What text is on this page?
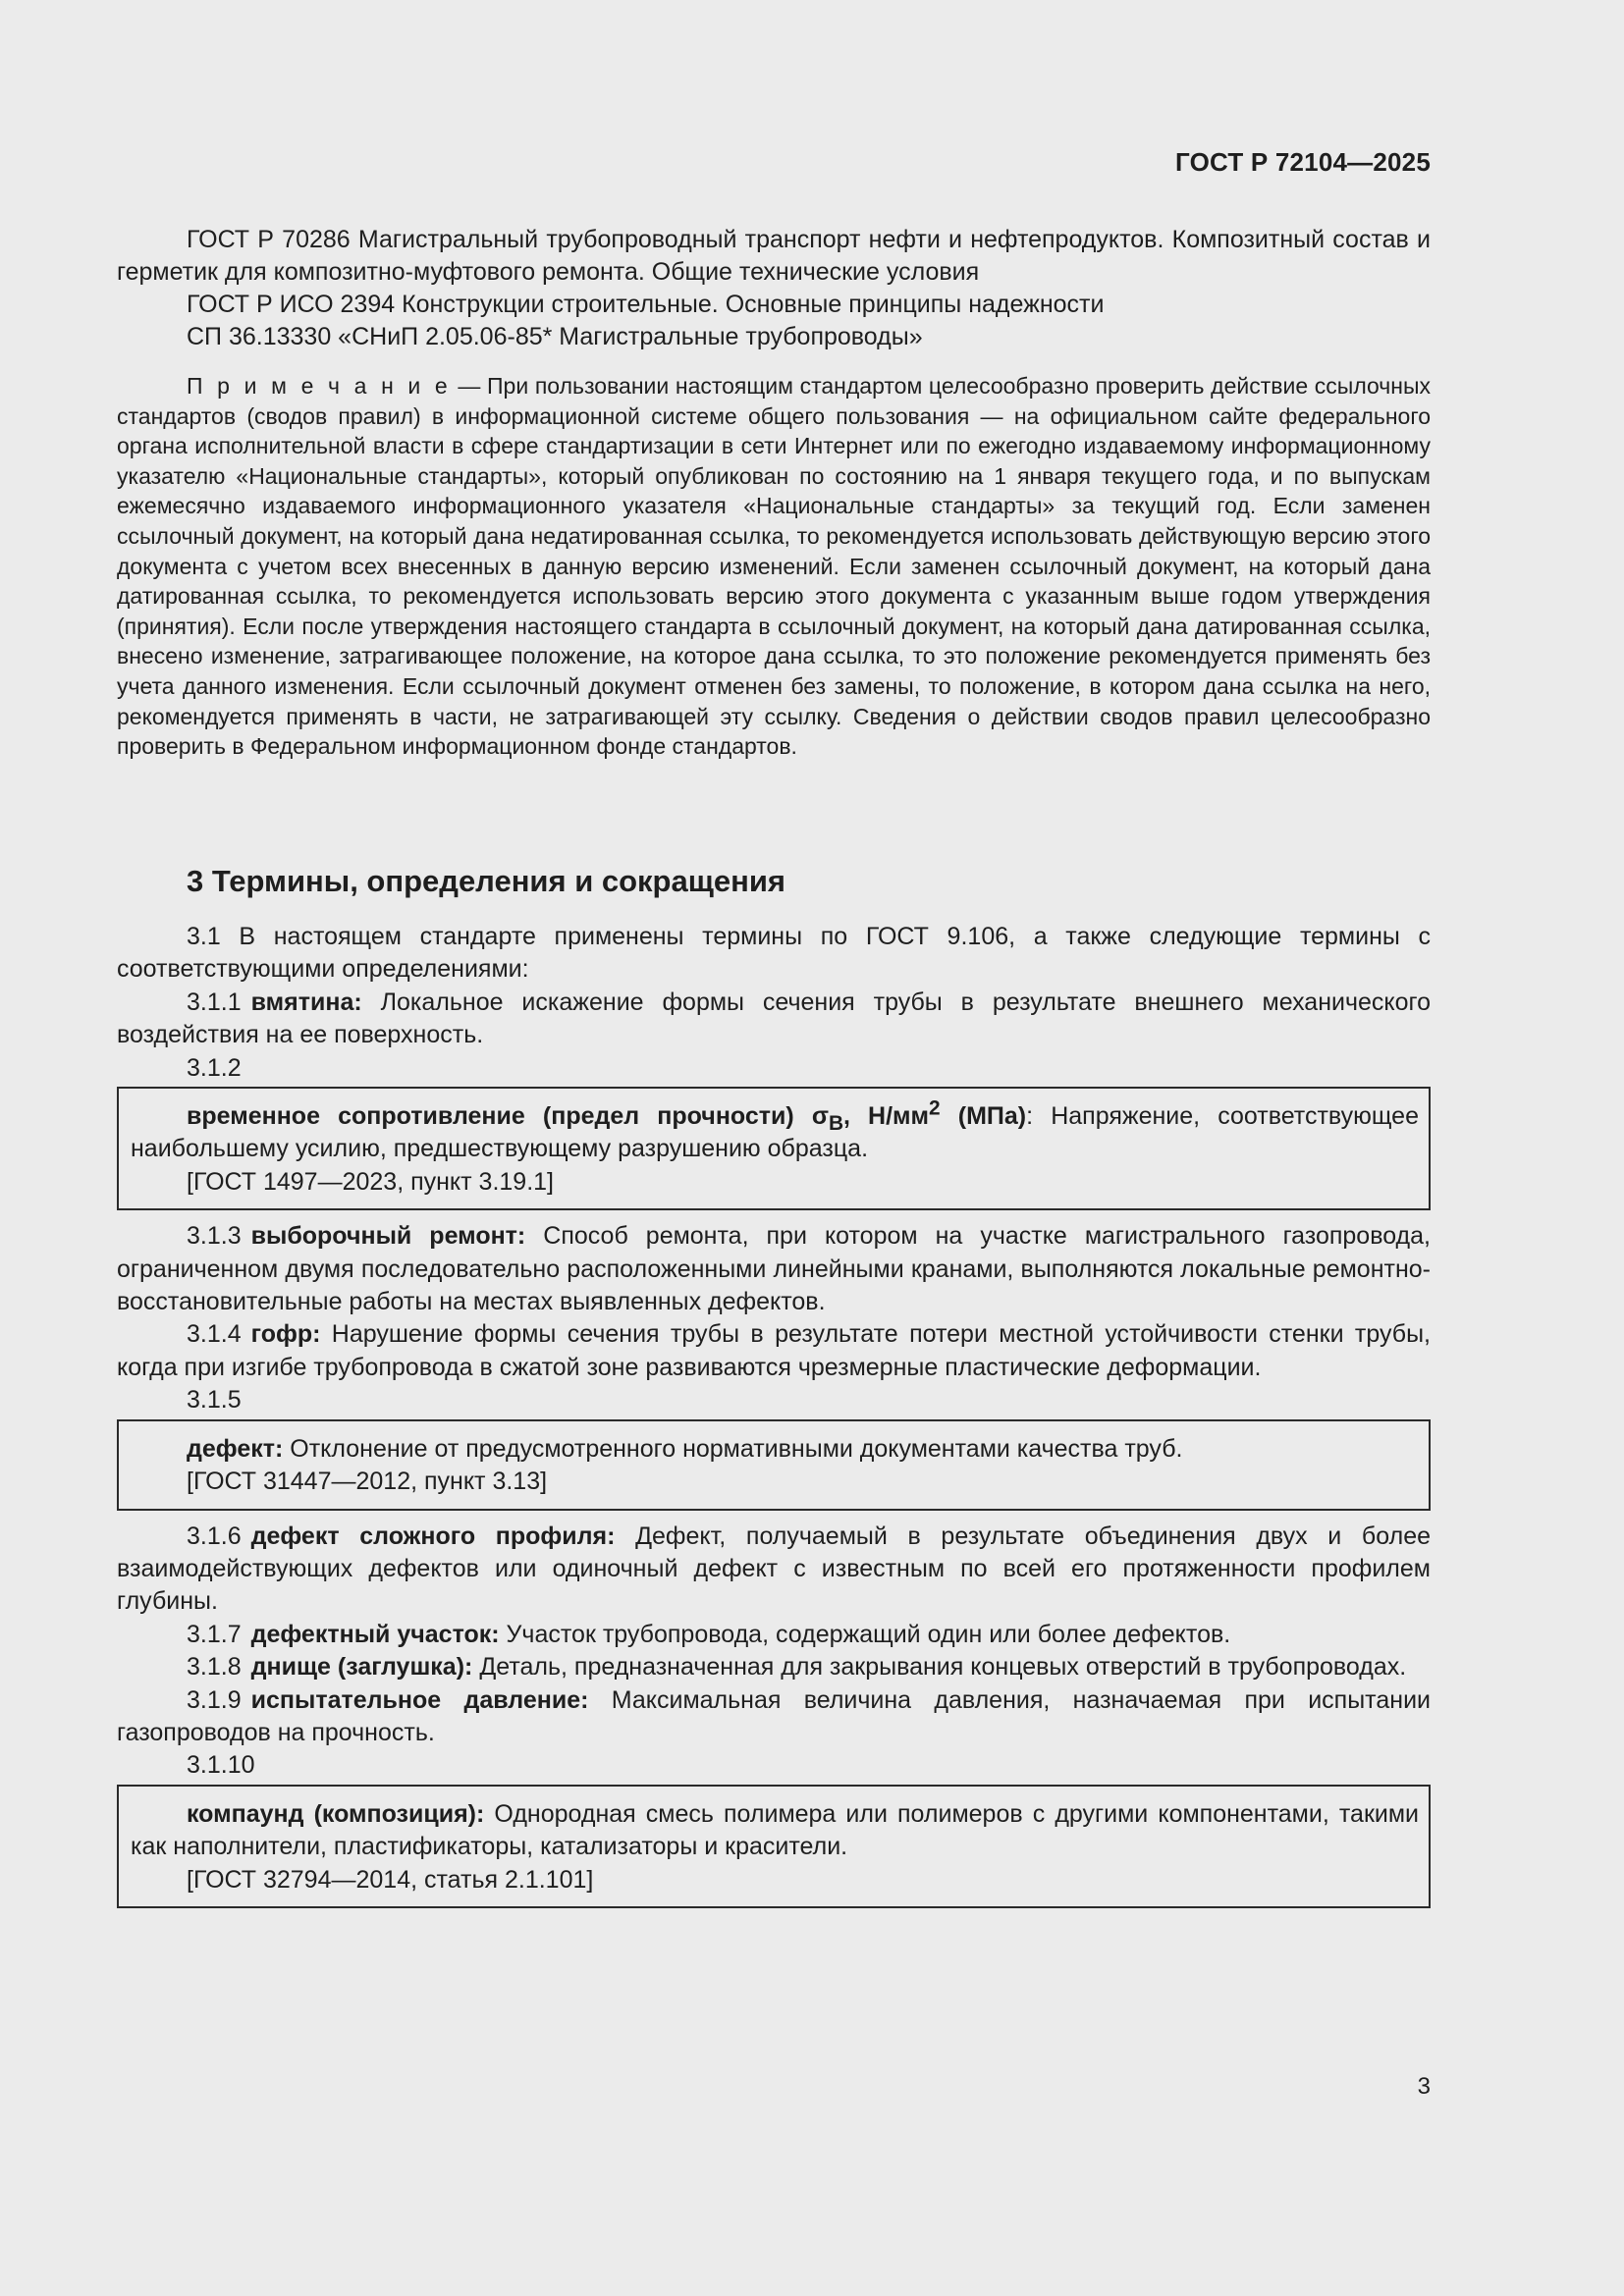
ГОСТ Р 72104—2025

ГОСТ Р 70286 Магистральный трубопроводный транспорт нефти и нефтепродуктов. Композитный состав и герметик для композитно-муфтового ремонта. Общие технические условия

ГОСТ Р ИСО 2394 Конструкции строительные. Основные принципы надежности

СП 36.13330 «СНиП 2.05.06-85* Магистральные трубопроводы»

П р и м е ч а н и е — При пользовании настоящим стандартом целесообразно проверить действие ссылочных стандартов (сводов правил) в информационной системе общего пользования — на официальном сайте федерального органа исполнительной власти в сфере стандартизации в сети Интернет или по ежегодно издаваемому информационному указателю «Национальные стандарты», который опубликован по состоянию на 1 января текущего года, и по выпускам ежемесячно издаваемого информационного указателя «Национальные стандарты» за текущий год. Если заменен ссылочный документ, на который дана недатированная ссылка, то рекомендуется использовать действующую версию этого документа с учетом всех внесенных в данную версию изменений. Если заменен ссылочный документ, на который дана датированная ссылка, то рекомендуется использовать версию этого документа с указанным выше годом утверждения (принятия). Если после утверждения настоящего стандарта в ссылочный документ, на который дана датированная ссылка, внесено изменение, затрагивающее положение, на которое дана ссылка, то это положение рекомендуется применять без учета данного изменения. Если ссылочный документ отменен без замены, то положение, в котором дана ссылка на него, рекомендуется применять в части, не затрагивающей эту ссылку. Сведения о действии сводов правил целесообразно проверить в Федеральном информационном фонде стандартов.

3 Термины, определения и сокращения

3.1 В настоящем стандарте применены термины по ГОСТ 9.106, а также следующие термины с соответствующими определениями:

3.1.1 вмятина: Локальное искажение формы сечения трубы в результате внешнего механического воздействия на ее поверхность.

3.1.2

временное сопротивление (предел прочности) $\sigma_В$, $Н/мм^2$ (МПа): Напряжение, соответствующее наибольшему усилию, предшествующему разрушению образца.

[ГОСТ 1497—2023, пункт 3.19.1]

3.1.3 выборочный ремонт: Способ ремонта, при котором на участке магистрального газопровода, ограниченном двумя последовательно расположенными линейными кранами, выполняются локальные ремонтно-восстановительные работы на местах выявленных дефектов.

3.1.4 гофр: Нарушение формы сечения трубы в результате потери местной устойчивости стенки трубы, когда при изгибе трубопровода в сжатой зоне развиваются чрезмерные пластические деформации.

3.1.5

дефект: Отклонение от предусмотренного нормативными документами качества труб.

[ГОСТ 31447—2012, пункт 3.13]

3.1.6 дефект сложного профиля: Дефект, получаемый в результате объединения двух и более взаимодействующих дефектов или одиночный дефект с известным по всей его протяженности профилем глубины.

3.1.7 дефектный участок: Участок трубопровода, содержащий один или более дефектов.

3.1.8 днище (заглушка): Деталь, предназначенная для закрывания концевых отверстий в трубопроводах.

3.1.9 испытательное давление: Максимальная величина давления, назначаемая при испытании газопроводов на прочность.

3.1.10

компаунд (композиция): Однородная смесь полимера или полимеров с другими компонентами, такими как наполнители, пластификаторы, катализаторы и красители.

[ГОСТ 32794—2014, статья 2.1.101]

3
